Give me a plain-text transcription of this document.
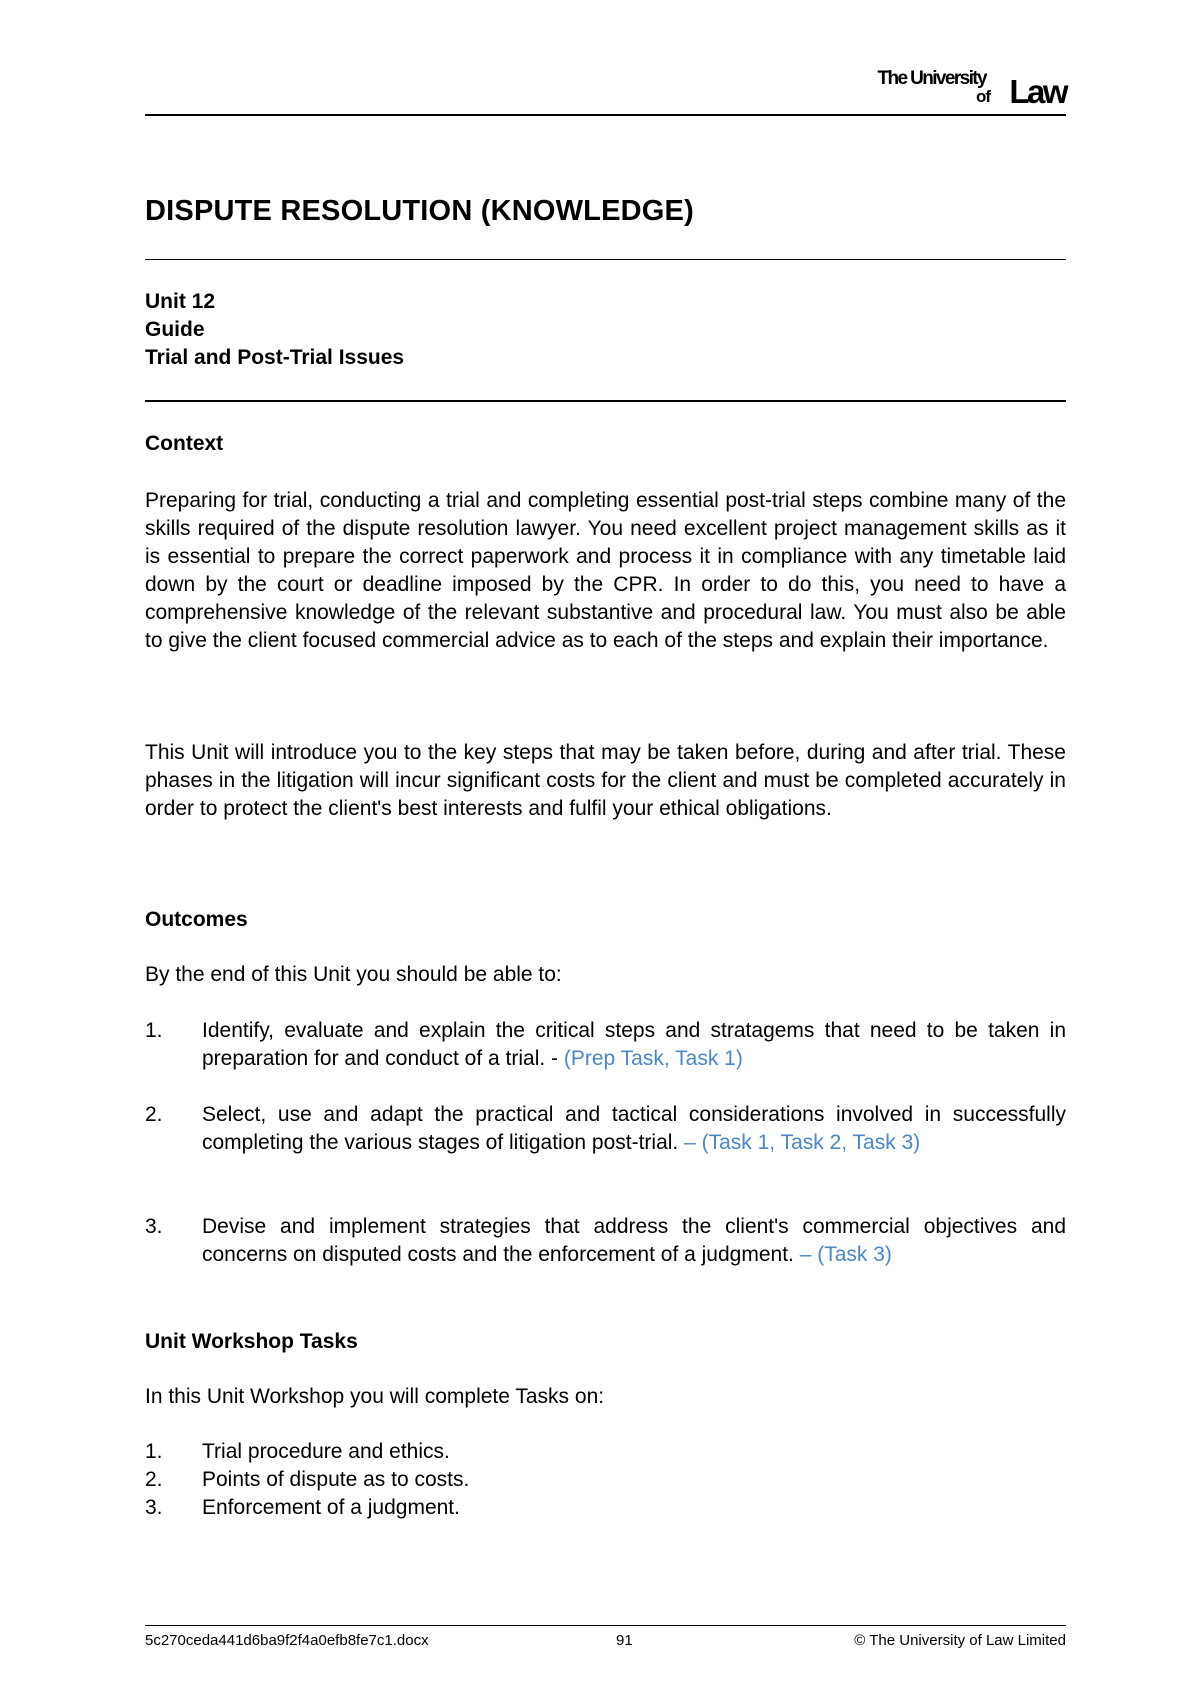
The University
of Law
DISPUTE RESOLUTION (KNOWLEDGE)
Unit 12
Guide
Trial and Post-Trial Issues
Context
Preparing for trial, conducting a trial and completing essential post-trial steps combine many of the skills required of the dispute resolution lawyer. You need excellent project management skills as it is essential to prepare the correct paperwork and process it in compliance with any timetable laid down by the court or deadline imposed by the CPR. In order to do this, you need to have a comprehensive knowledge of the relevant substantive and procedural law. You must also be able to give the client focused commercial advice as to each of the steps and explain their importance.
This Unit will introduce you to the key steps that may be taken before, during and after trial. These phases in the litigation will incur significant costs for the client and must be completed accurately in order to protect the client's best interests and fulfil your ethical obligations.
Outcomes
By the end of this Unit you should be able to:
1. Identify, evaluate and explain the critical steps and stratagems that need to be taken in preparation for and conduct of a trial. - (Prep Task, Task 1)
2. Select, use and adapt the practical and tactical considerations involved in successfully completing the various stages of litigation post-trial. – (Task 1, Task 2, Task 3)
3. Devise and implement strategies that address the client's commercial objectives and concerns on disputed costs and the enforcement of a judgment. – (Task 3)
Unit Workshop Tasks
In this Unit Workshop you will complete Tasks on:
1. Trial procedure and ethics.
2. Points of dispute as to costs.
3. Enforcement of a judgment.
5c270ceda441d6ba9f2f4a0efb8fe7c1.docx	91	© The University of Law Limited
